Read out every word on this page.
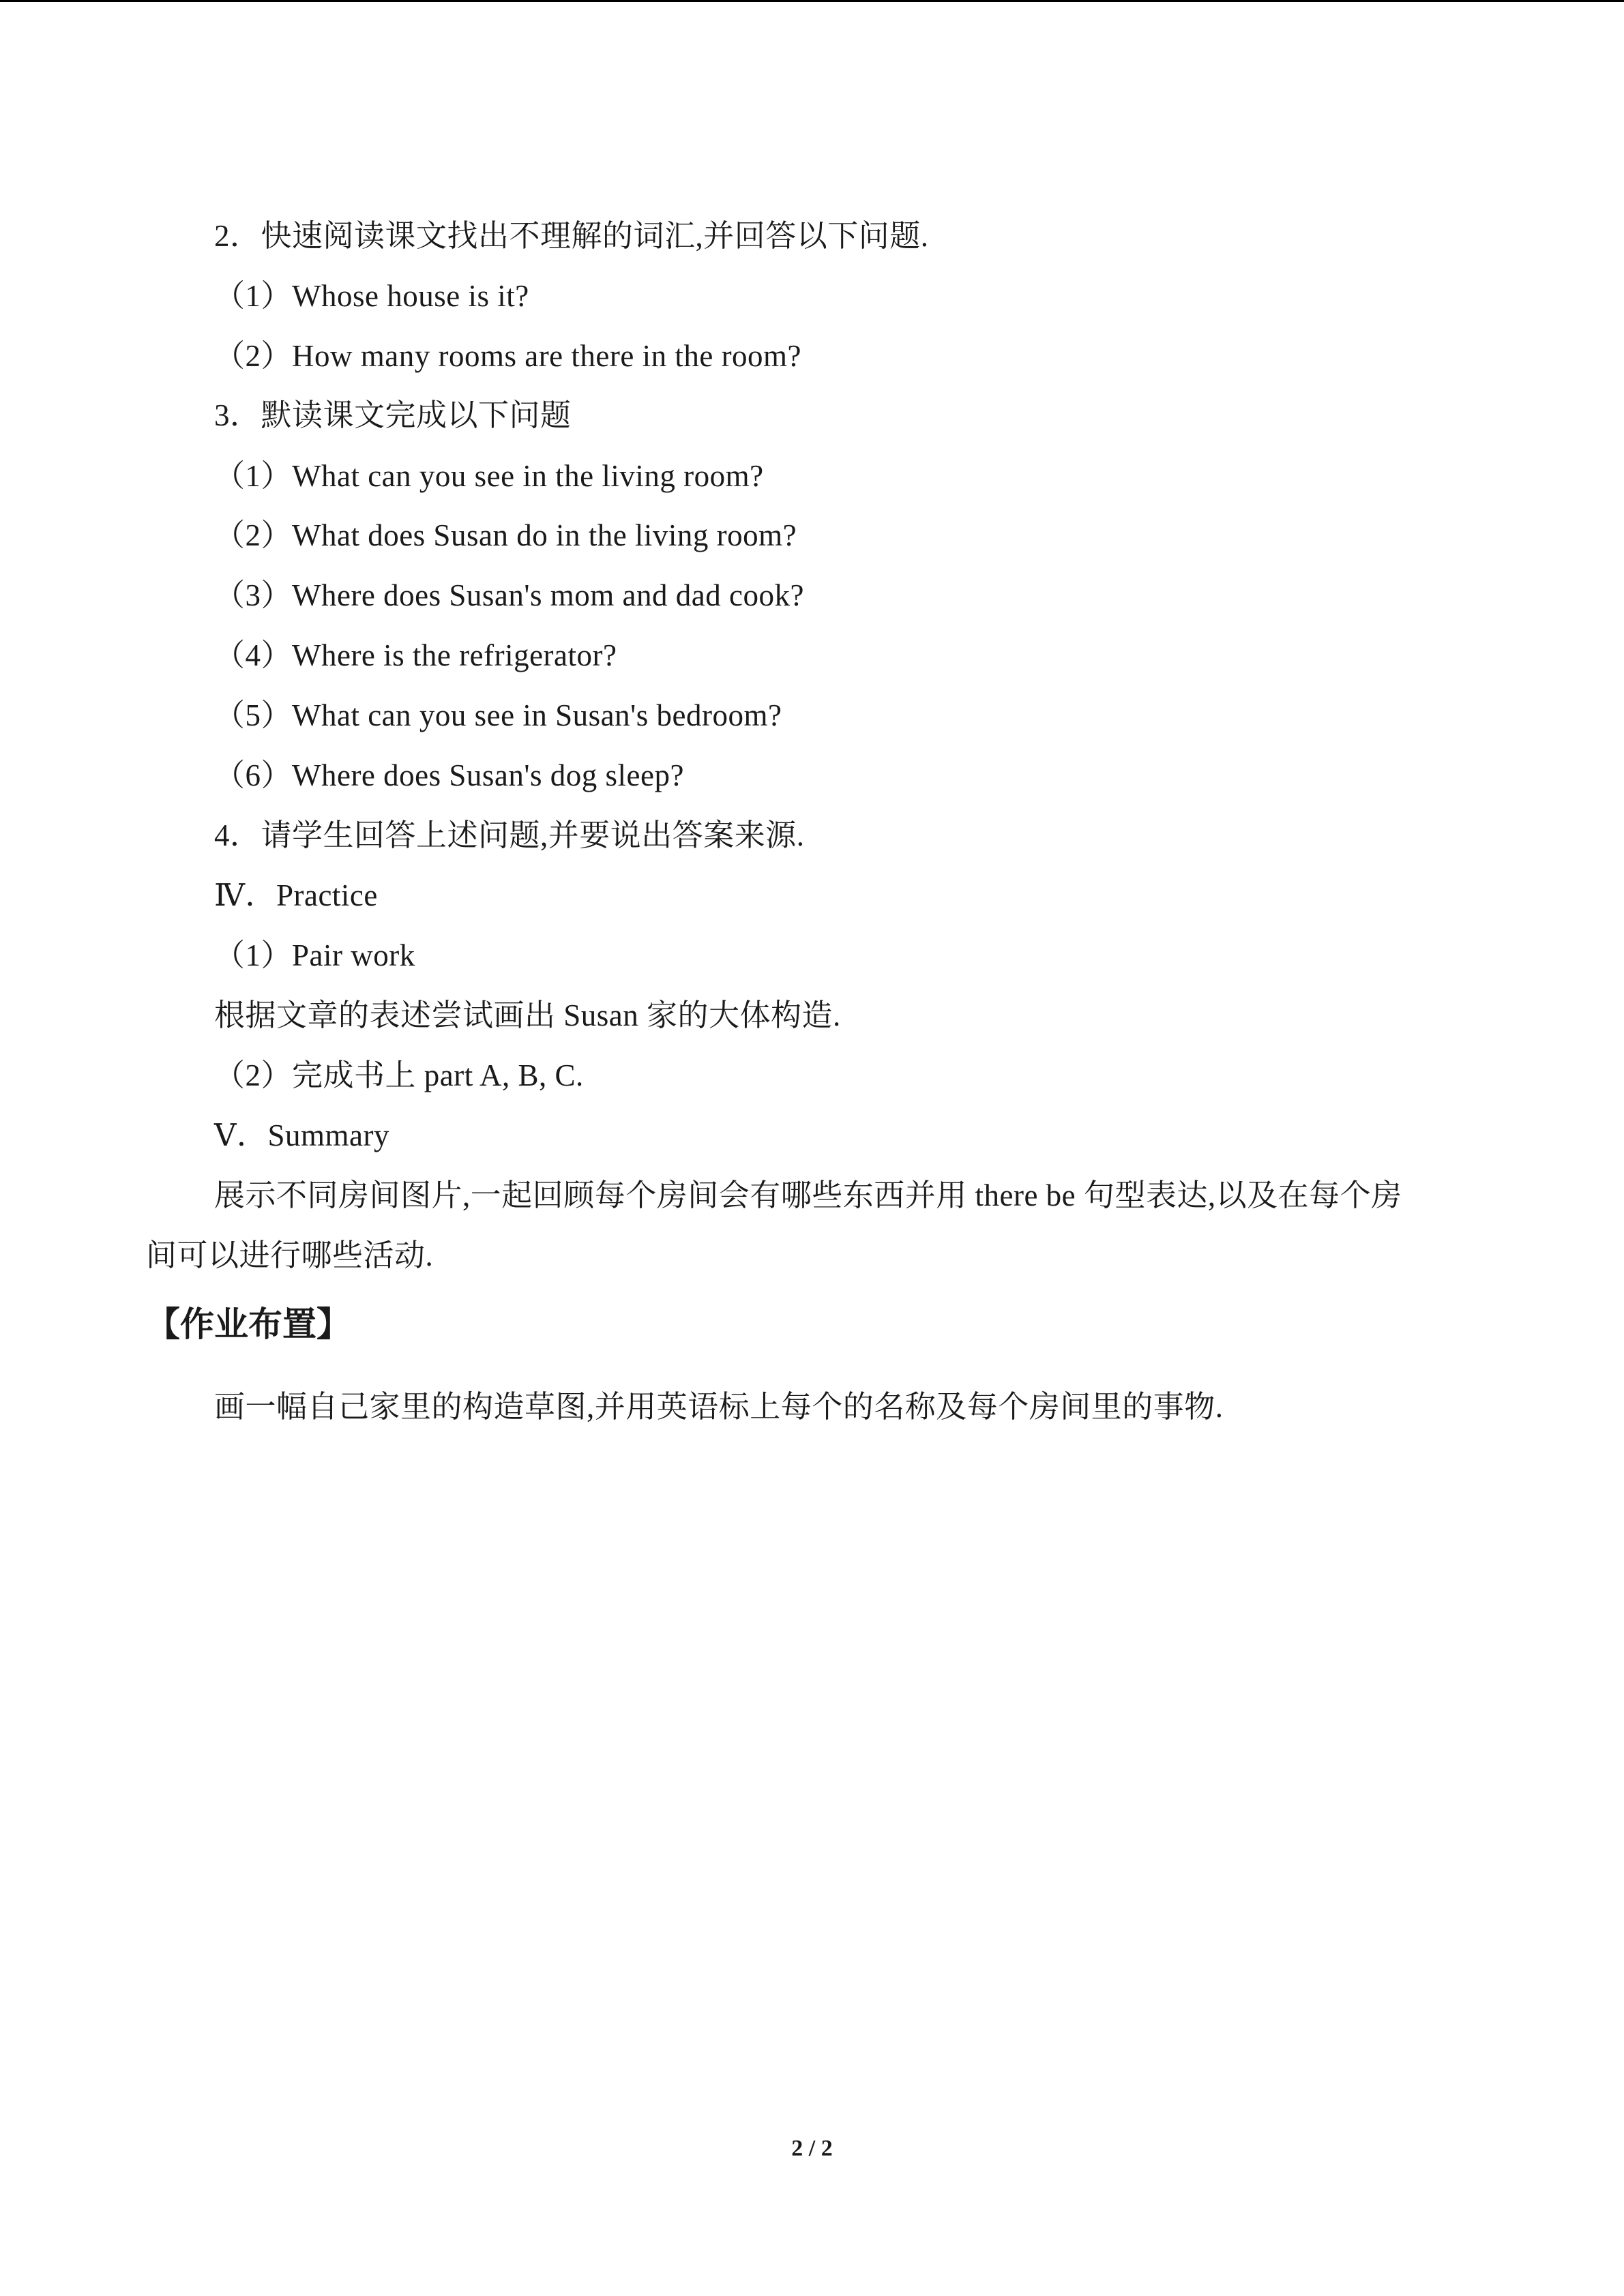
2．快速阅读课文找出不理解的词汇,并回答以下问题.
（1）Whose house is it?
（2）How many rooms are there in the room?
3．默读课文完成以下问题
（1）What can you see in the living room?
（2）What does Susan do in the living room?
（3）Where does Susan's mom and dad cook?
（4）Where is the refrigerator?
（5）What can you see in Susan's bedroom?
（6）Where does Susan's dog sleep?
4．请学生回答上述问题,并要说出答案来源.
Ⅳ．Practice
（1）Pair work
根据文章的表述尝试画出 Susan 家的大体构造.
（2）完成书上 part A, B, C.
Ⅴ．Summary
展示不同房间图片,一起回顾每个房间会有哪些东西并用 there be 句型表达,以及在每个房
间可以进行哪些活动.
【作业布置】
画一幅自己家里的构造草图,并用英语标上每个的名称及每个房间里的事物.
2 / 2
